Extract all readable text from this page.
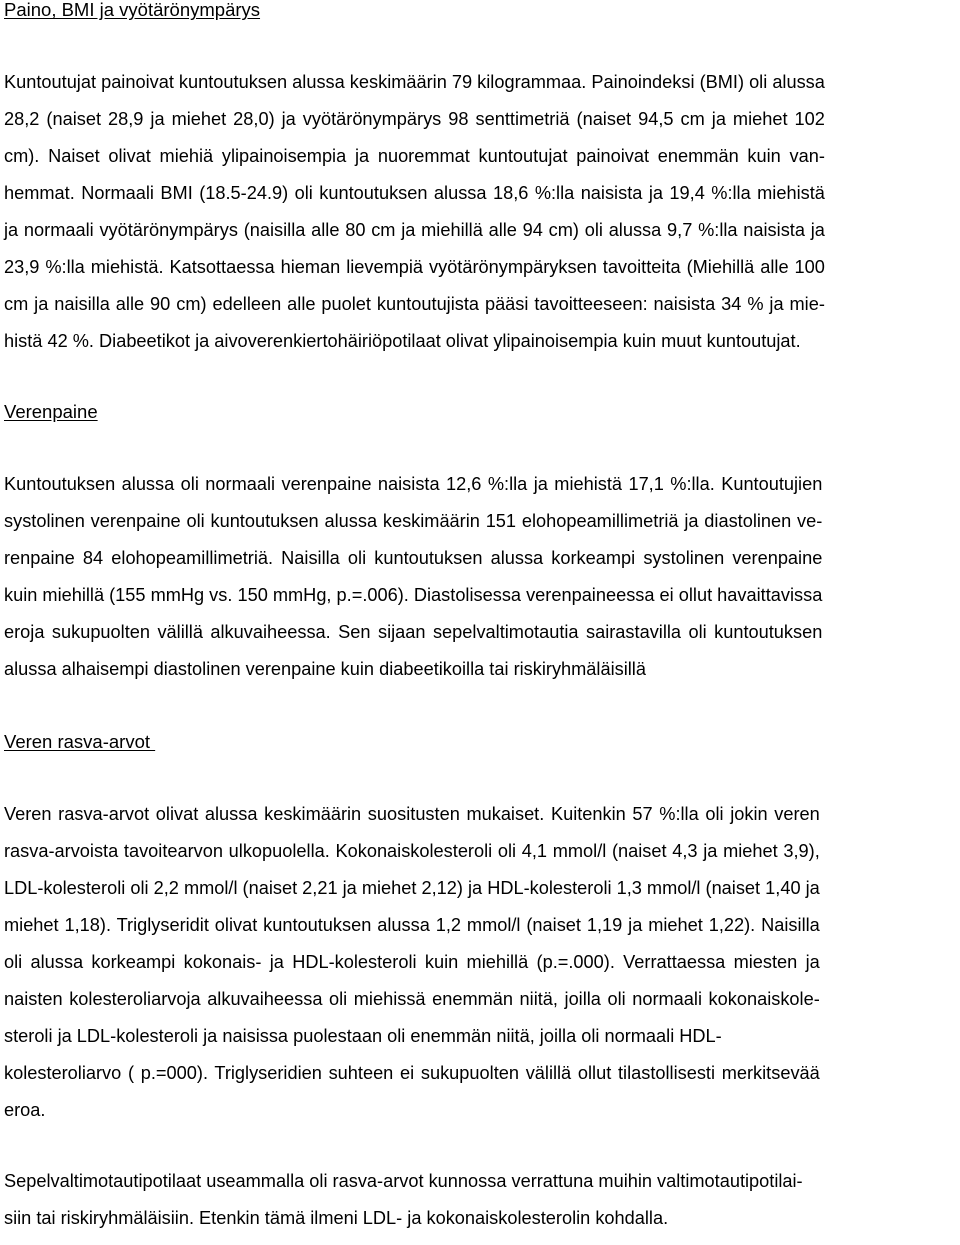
Paino, BMI ja vyötärönympärys
Kuntoutujat painoivat kuntoutuksen alussa keskimäärin 79 kilogrammaa. Painoindeksi (BMI) oli alussa
28,2 (naiset 28,9 ja miehet 28,0) ja vyötärönympärys 98 senttimetriä (naiset 94,5 cm ja miehet 102
cm). Naiset olivat miehiä ylipainoisempia ja nuoremmat kuntoutujat painoivat enemmän kuin van-
hemmat. Normaali BMI (18.5-24.9) oli kuntoutuksen alussa 18,6 %:lla naisista ja 19,4 %:lla miehistä
ja normaali vyötärönympärys (naisilla alle 80 cm ja miehillä alle 94 cm) oli alussa 9,7 %:lla naisista ja
23,9 %:lla miehistä. Katsottaessa hieman lievempiä vyötärönympäryksen tavoitteita (Miehillä alle 100
cm ja naisilla alle 90 cm) edelleen alle puolet kuntoutujista pääsi tavoitteeseen: naisista 34 % ja mie-
histä 42 %. Diabeetikot ja aivoverenkiertohäiriöpotilaat olivat ylipainoisempia kuin muut kuntoutujat.
Verenpaine
Kuntoutuksen alussa oli normaali verenpaine naisista 12,6 %:lla ja miehistä 17,1 %:lla. Kuntoutujien
systolinen verenpaine oli kuntoutuksen alussa keskimäärin 151 elohopeamillimetriä ja diastolinen ve-
renpaine 84 elohopeamillimetriä. Naisilla oli kuntoutuksen alussa korkeampi systolinen verenpaine
kuin miehillä (155 mmHg vs. 150 mmHg, p.=.006). Diastolisessa verenpaineessa ei ollut havaittavissa
eroja sukupuolten välillä alkuvaiheessa. Sen sijaan sepelvaltimotautia sairastavilla oli kuntoutuksen
alussa alhaisempi diastolinen verenpaine kuin diabeetikoilla tai riskiryhmäläisillä
Veren rasva-arvot
Veren rasva-arvot olivat alussa keskimäärin suositusten mukaiset. Kuitenkin 57 %:lla oli jokin veren
rasva-arvoista tavoitearvon ulkopuolella. Kokonaiskolesteroli oli 4,1 mmol/l (naiset 4,3 ja miehet 3,9),
LDL-kolesteroli oli 2,2 mmol/l (naiset 2,21 ja miehet 2,12) ja HDL-kolesteroli 1,3 mmol/l (naiset 1,40 ja
miehet 1,18). Triglyseridit olivat kuntoutuksen alussa 1,2 mmol/l (naiset 1,19 ja miehet 1,22). Naisilla
oli alussa korkeampi kokonais- ja HDL-kolesteroli kuin miehillä (p.=.000). Verrattaessa miesten ja
naisten kolesteroliarvoja alkuvaiheessa oli miehissä enemmän niitä, joilla oli normaali kokonaiskole-
steroli ja LDL-kolesteroli ja naisissa puolestaan oli enemmän niitä, joilla oli normaali HDL-
kolesteroliarvo ( p.=000). Triglyseridien suhteen ei sukupuolten välillä ollut tilastollisesti merkitsevää
eroa.
Sepelvaltimotautipotilaat useammalla oli rasva-arvot kunnossa verrattuna muihin valtimotautipotilai-
siin tai riskiryhmäläisiin. Etenkin tämä ilmeni LDL- ja kokonaiskolesterolin kohdalla.
